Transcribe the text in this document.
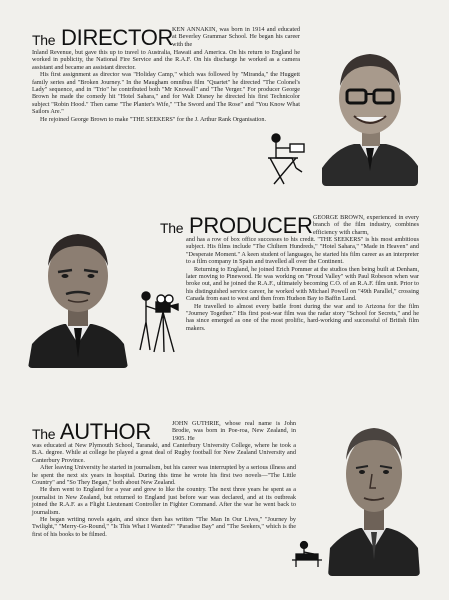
The DIRECTOR
KEN ANNAKIN, was born in 1914 and educated at Beverley Grammar School. He began his career with the

Inland Revenue, but gave this up to travel to Australia, Hawaii and America. On his return to England he worked in publicity, the National Fire Service and the R.A.F. On his discharge he worked as a camera assistant and became an assistant director.

His first assignment as director was "Holiday Camp," which was followed by "Miranda," the Huggett family series and "Broken Journey." In the Maugham omnibus film "Quartet" he directed "The Colonel's Lady" sequence, and in "Trio" he contributed both "Mr Knowall" and "The Verger." For producer George Brown he made the comedy hit "Hotel Sahara," and for Walt Disney he directed his first Technicolor subject "Robin Hood." Then came "The Planter's Wife," "The Sword and The Rose" and "You Know What Sailors Are."

He rejoined George Brown to make "THE SEEKERS" for the J. Arthur Rank Organisation.

The PRODUCER GEORGE BROWN, experienced in every branch of the film industry, combines efficiency with charm,

and has a row of box office successes to his credit. "THE SEEKERS" is his most ambitious subject. His films include "The Chiltern Hundreds," "Hotel Sahara," "Made in Heaven" and "Desperate Moment." A keen student of languages, he started his film career as an interpreter to a film company in Spain and travelled all over the Continent.

Returning to England, he joined Erich Pommer at the studios then being built at Denham, later moving to Pinewood. He was working on "Proud Valley" with Paul Robeson when war broke out, and he joined the R.A.F., ultimately becoming C.O. of an R.A.F. film unit. Prior to his distinguished service career, he worked with Michael Powell on "49th Parallel," crossing Canada from east to west and then from Hudson Bay to Baffin Land.

He travelled to almost every battle front during the war and to Arizona for the film "Journey Together." His first post-war film was the radar story "School for Secrets," and he has since emerged as one of the most prolific, hard-working and successful of British film makers.

The AUTHOR	JOHN GUTHRIE, whose real name is John Brodie, was born in Poe-roa, New Zealand, in 1905. He

was educated at New Plymouth School, Taranaki, and Canterbury University College, where he took a B.A. degree. While at college he played a great deal of Rugby football for New Zealand University and Canterbury Province.

After leaving University he started in journalism, but his career was interrupted by a serious illness and he spent the next six years in hospital. During this time he wrote his first two novels—"The Little Country" and "So They Began," both about New Zealand.

He then went to England for a year and grew to like the country. The next three years he spent as a journalist in New Zealand, but returned to England just before war was declared, and at its outbreak joined the R.A.F. as a Flight Lieutenant Controller in Fighter Command. After the war he went back to journalism.

He began writing novels again, and since then has written "The Man In Our Lives," "Journey by Twilight," "Merry-Go-Round," "Is This What I Wanted?" "Paradise Bay" and "The Seekers," which is the first of his books to be filmed.
